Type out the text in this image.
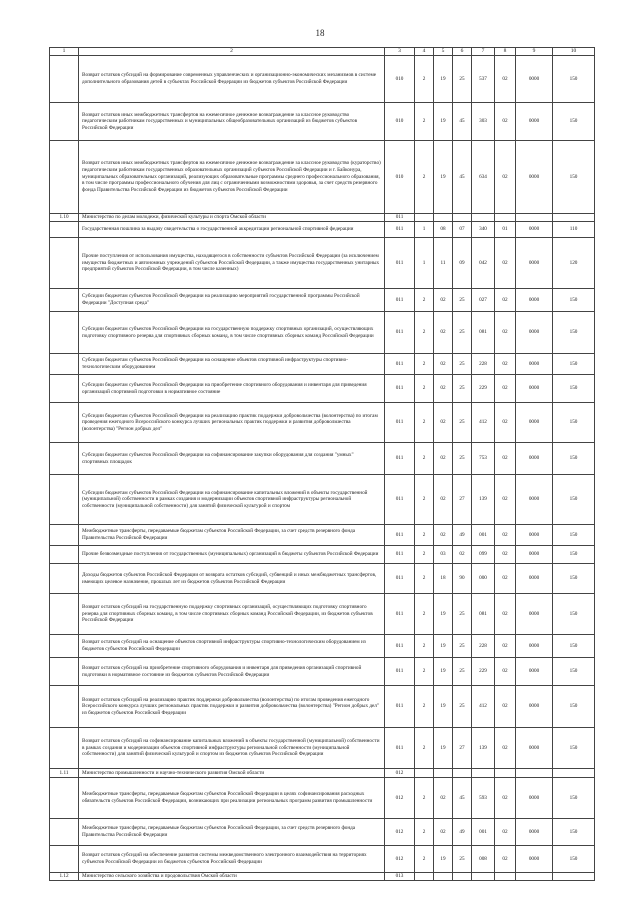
18
1	2	3	4	5	6	7	8	9	10
	Возврат остатков субсидий на формирование современных управленческих и организационно-экономических механизмов в системе дополнительного образования детей в субъектах Российской Федерации из бюджетов субъектов Российской Федерации	010	2	19	25	537	02	0000	150
	Возврат остатков иных межбюджетных трансфертов на ежемесячное денежное вознаграждение за классное руководство педагогическим работникам государственных и муниципальных общеобразовательных организаций из бюджетов субъектов Российской Федерации	010	2	19	45	303	02	0000	150
	Возврат остатков иных межбюджетных трансфертов на ежемесячное денежное вознаграждение за классное руководство (кураторство) педагогическим работникам государственных образовательных организаций субъектов Российской Федерации и г. Байконура, муниципальных образовательных организаций, реализующих образовательные программы среднего профессионального образования, в том числе программы профессионального обучения для лиц с ограниченными возможностями здоровья, за счет средств резервного фонда Правительства Российской Федерации из бюджетов субъектов Российской Федерации	010	2	19	45	634	02	0000	150
1.10	Министерство по делам молодежи, физической культуры и спорта Омской области	011							
	Государственная пошлина за выдачу свидетельства о государственной аккредитации региональной спортивной федерации	011	1	08	07	340	01	0000	110
	Прочие поступления от использования имущества, находящегося в собственности субъектов Российской Федерации (за исключением имущества бюджетных и автономных учреждений субъектов Российской Федерации, а также имущества государственных унитарных предприятий субъектов Российской Федерации, в том числе казенных)	011	1	11	09	042	02	0000	120
	Субсидии бюджетам субъектов Российской Федерации на реализацию мероприятий государственной программы Российской Федерации "Доступная среда"	011	2	02	25	027	02	0000	150
	Субсидии бюджетам субъектов Российской Федерации на государственную поддержку спортивных организаций, осуществляющих подготовку спортивного резерва для спортивных сборных команд, в том числе спортивных сборных команд Российской Федерации	011	2	02	25	081	02	0000	150
	Субсидии бюджетам субъектов Российской Федерации на оснащение объектов спортивной инфраструктуры спортивно-технологическим оборудованием	011	2	02	25	228	02	0000	150
	Субсидии бюджетам субъектов Российской Федерации на приобретение спортивного оборудования и инвентаря для приведения организаций спортивной подготовки в нормативное состояние	011	2	02	25	229	02	0000	150
	Субсидии бюджетам субъектов Российской Федерации на реализацию практик поддержки добровольчества (волонтерства) по итогам проведения ежегодного Всероссийского конкурса лучших региональных практик поддержки и развития добровольчества (волонтерства) "Регион добрых дел"	011	2	02	25	412	02	0000	150
	Субсидии бюджетам субъектов Российской Федерации на софинансирование закупки оборудования для создания "умных" спортивных площадок	011	2	02	25	753	02	0000	150
	Субсидии бюджетам субъектов Российской Федерации на софинансирование капитальных вложений в объекты государственной (муниципальной) собственности в рамках создания и модернизации объектов спортивной инфраструктуры региональной собственности (муниципальной собственности) для занятий физической культурой и спортом	011	2	02	27	139	02	0000	150
	Межбюджетные трансферты, передаваемые бюджетам субъектов Российской Федерации, за счет средств резервного фонда Правительства Российской Федерации	011	2	02	49	001	02	0000	150
	Прочие безвозмездные поступления от государственных (муниципальных) организаций в бюджеты субъектов Российской Федерации	011	2	03	02	099	02	0000	150
	Доходы бюджетов субъектов Российской Федерации от возврата остатков субсидий, субвенций и иных межбюджетных трансфертов, имеющих целевое назначение, прошлых лет из бюджетов субъектов Российской Федерации	011	2	18	90	000	02	0000	150
	Возврат остатков субсидий на государственную поддержку спортивных организаций, осуществляющих подготовку спортивного резерва для спортивных сборных команд, в том числе спортивных сборных команд Российской Федерации, из бюджетов субъектов Российской Федерации	011	2	19	25	081	02	0000	150
	Возврат остатков субсидий на оснащение объектов спортивной инфраструктуры спортивно-технологическим оборудованием из бюджетов субъектов Российской Федерации	011	2	19	25	228	02	0000	150
	Возврат остатков субсидий на приобретение спортивного оборудования и инвентаря для приведения организаций спортивной подготовки в нормативное состояние из бюджетов субъектов Российской Федерации	011	2	19	25	229	02	0000	150
	Возврат остатков субсидий на реализацию практик поддержки добровольчества (волонтерства) по итогам проведения ежегодного Всероссийского конкурса лучших региональных практик поддержки и развития добровольчества (волонтерства) "Регион добрых дел" из бюджетов субъектов Российской Федерации	011	2	19	25	412	02	0000	150
	Возврат остатков субсидий на софинансирование капитальных вложений в объекты государственной (муниципальной) собственности в рамках создания и модернизации объектов спортивной инфраструктуры региональной собственности (муниципальной собственности) для занятий физической культурой и спортом из бюджетов субъектов Российской Федерации	011	2	19	27	139	02	0000	150
1.11	Министерство промышленности и научно-технического развития Омской области	012							
	Межбюджетные трансферты, передаваемые бюджетам субъектов Российской Федерации в целях софинансирования расходных обязательств субъектов Российской Федерации, возникающих при реализации региональных программ развития промышленности	012	2	02	45	593	02	0000	150
	Межбюджетные трансферты, передаваемые бюджетам субъектов Российской Федерации, за счет средств резервного фонда Правительства Российской Федерации	012	2	02	49	001	02	0000	150
	Возврат остатков субсидий на обеспечение развития системы межведомственного электронного взаимодействия на территориях субъектов Российской Федерации из бюджетов субъектов Российской Федерации	012	2	19	25	008	02	0000	150
1.12	Министерство сельского хозяйства и продовольствия Омской области	013							
